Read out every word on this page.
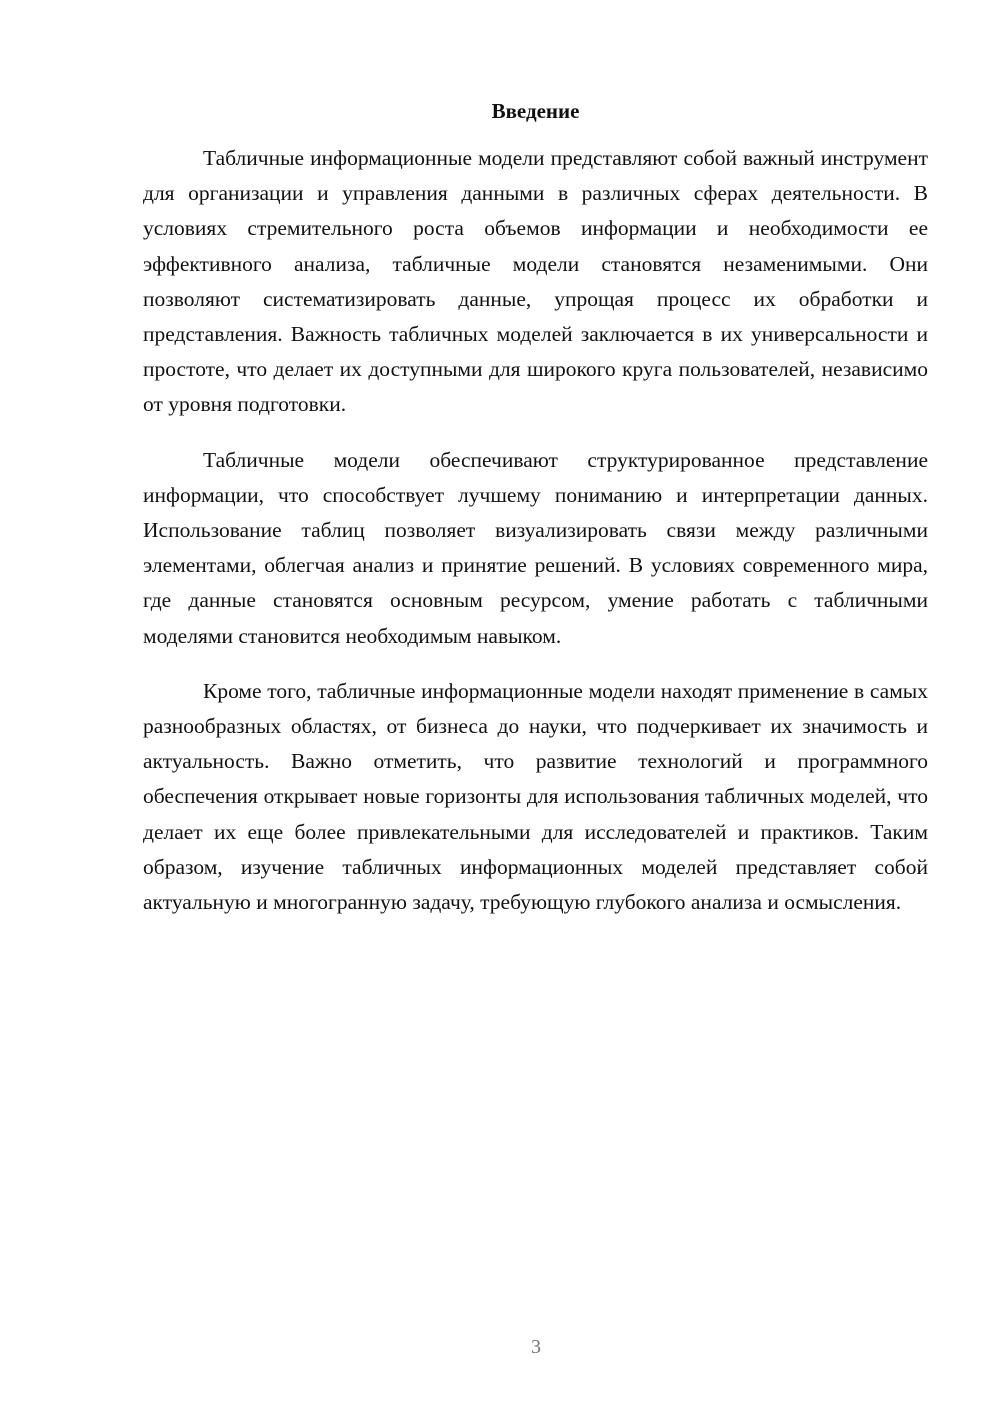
Введение

Табличные информационные модели представляют собой важный инструмент для организации и управления данными в различных сферах деятельности. В условиях стремительного роста объемов информации и необходимости ее эффективного анализа, табличные модели становятся незаменимыми. Они позволяют систематизировать данные, упрощая процесс их обработки и представления. Важность табличных моделей заключается в их универсальности и простоте, что делает их доступными для широкого круга пользователей, независимо от уровня подготовки.

Табличные модели обеспечивают структурированное представление информации, что способствует лучшему пониманию и интерпретации данных. Использование таблиц позволяет визуализировать связи между различными элементами, облегчая анализ и принятие решений. В условиях современного мира, где данные становятся основным ресурсом, умение работать с табличными моделями становится необходимым навыком.

Кроме того, табличные информационные модели находят применение в самых разнообразных областях, от бизнеса до науки, что подчеркивает их значимость и актуальность. Важно отметить, что развитие технологий и программного обеспечения открывает новые горизонты для использования табличных моделей, что делает их еще более привлекательными для исследователей и практиков. Таким образом, изучение табличных информационных моделей представляет собой актуальную и многогранную задачу, требующую глубокого анализа и осмысления.

3
